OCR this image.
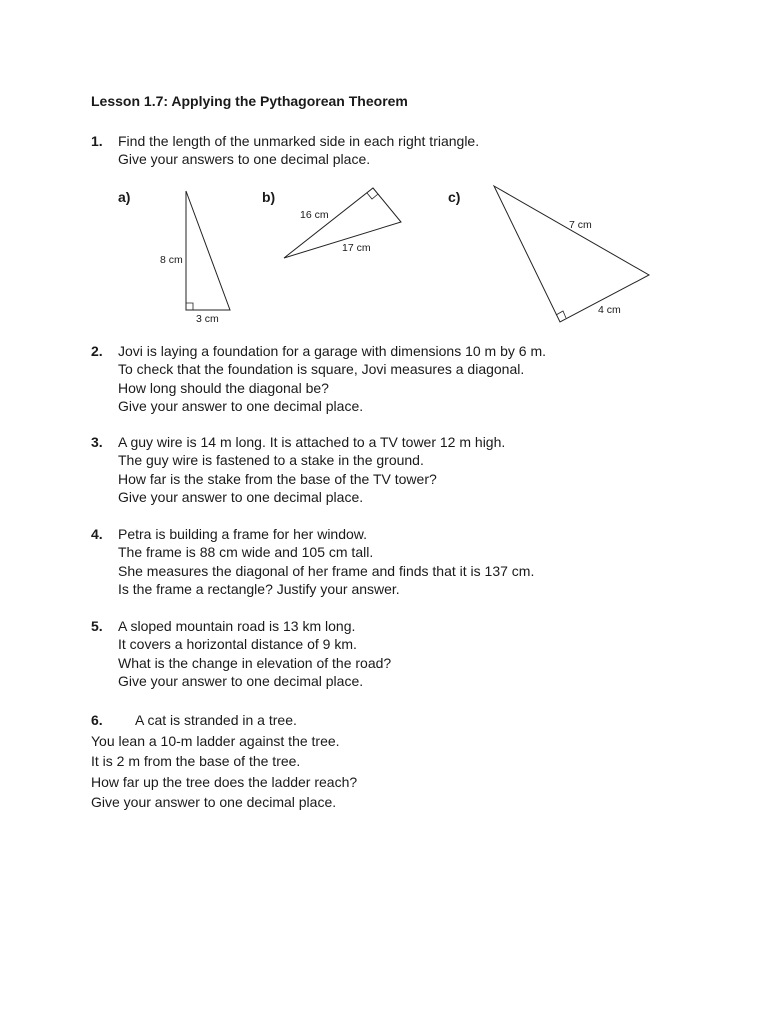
Lesson 1.7: Applying the Pythagorean Theorem
1. Find the length of the unmarked side in each right triangle.
Give your answers to one decimal place.
a)	b)	c)
8 cm
3 cm
16 cm
17 cm
7 cm
4 cm
2. Jovi is laying a foundation for a garage with dimensions 10 m by 6 m.
To check that the foundation is square, Jovi measures a diagonal.
How long should the diagonal be?
Give your answer to one decimal place.
3. A guy wire is 14 m long. It is attached to a TV tower 12 m high.
The guy wire is fastened to a stake in the ground.
How far is the stake from the base of the TV tower?
Give your answer to one decimal place.
4. Petra is building a frame for her window.
The frame is 88 cm wide and 105 cm tall.
She measures the diagonal of her frame and finds that it is 137 cm.
Is the frame a rectangle? Justify your answer.
5. A sloped mountain road is 13 km long.
It covers a horizontal distance of 9 km.
What is the change in elevation of the road?
Give your answer to one decimal place.
6. A cat is stranded in a tree.
You lean a 10-m ladder against the tree.
It is 2 m from the base of the tree.
How far up the tree does the ladder reach?
Give your answer to one decimal place.
